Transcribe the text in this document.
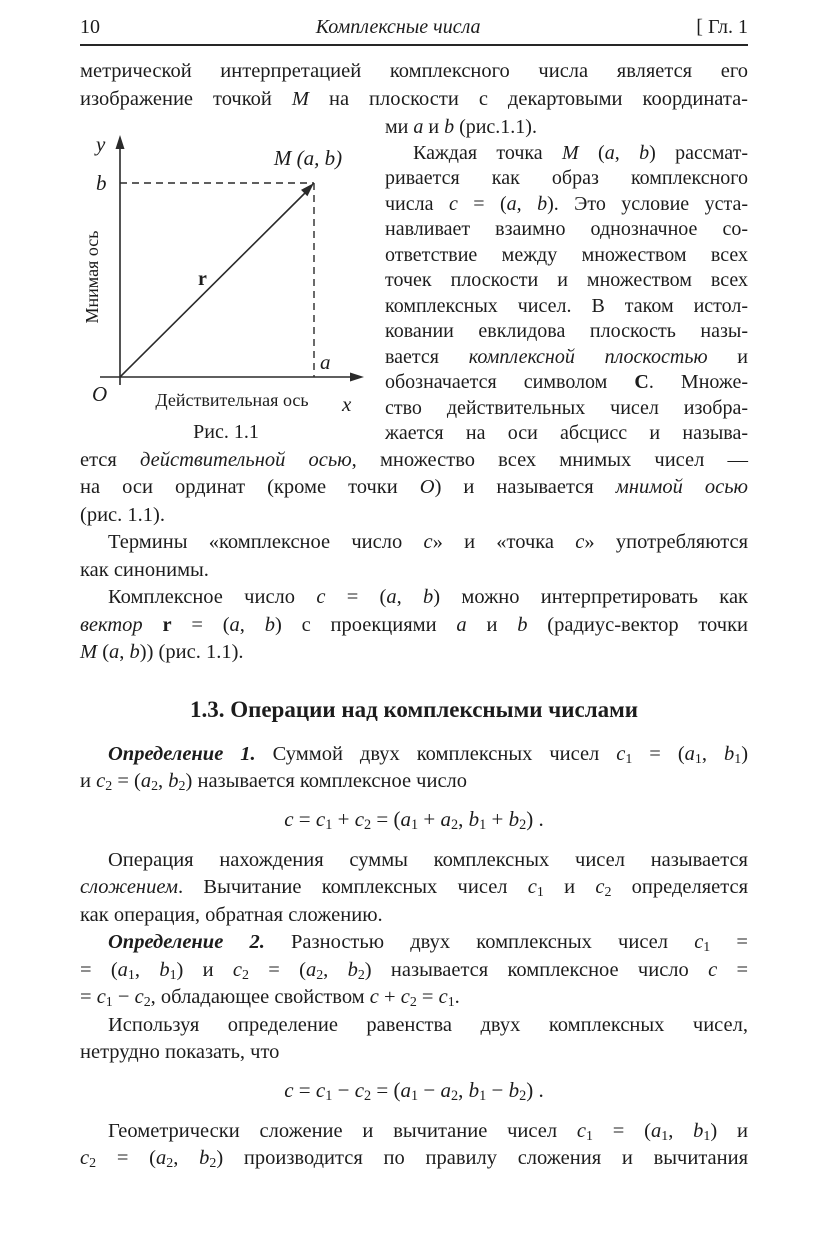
10	Комплексные числа	[ Гл. 1
метрической интерпретацией комплексного числа является его
изображение точкой M на плоскости с декартовыми координата-
y
x
O
b
a
M (a, b)
r
Мнимая ось
Действительная ось
Рис. 1.1
ми a и b (рис.1.1).
Каждая точка M (a, b) рассмат-
ривается как образ комплексного
числа c = (a, b). Это условие уста-
навливает взаимно однозначное со-
ответствие между множеством всех
точек плоскости и множеством всех
комплексных чисел. В таком истол-
ковании евклидова плоскость назы-
вается комплексной плоскостью и
обозначается символом C. Множе-
ство действительных чисел изобра-
жается на оси абсцисс и называ-
ется действительной осью, множество всех мнимых чисел —
на оси ординат (кроме точки O) и называется мнимой осью
(рис. 1.1).
Термины «комплексное число c» и «точка c» употребляются
как синонимы.
Комплексное число c = (a, b) можно интерпретировать как
вектор r = (a, b) с проекциями a и b (радиус-вектор точки
M (a, b)) (рис. 1.1).
1.3. Операции над комплексными числами
Определение 1. Суммой двух комплексных чисел $c_1 = (a_1$, $b_1$)
и $c_2 = (a_2$, $b_2$) называется комплексное число
$c = c_1 + c_2 = (a_1 + a_2$, $b_1 + b_2$) .
Операция нахождения суммы комплексных чисел называется
сложением. Вычитание комплексных чисел $c_1$ и $c_2$ определяется
как операция, обратная сложению.
Определение 2. Разностью двух комплексных чисел $c_1$ =
= ($a_1$, $b_1$) и $c_2 = (a_2$, $b_2$) называется комплексное число c =
= $c_1 - c_2$, обладающее свойством $c + c_2 = c_1$.
Используя определение равенства двух комплексных чисел,
нетрудно показать, что
$c = c_1 - c_2 = (a_1 - a_2$, $b_1 - b_2$) .
Геометрически сложение и вычитание чисел $c_1 = (a_1$, $b_1$) и
$c_2 = (a_2$, $b_2$) производится по правилу сложения и вычитания
